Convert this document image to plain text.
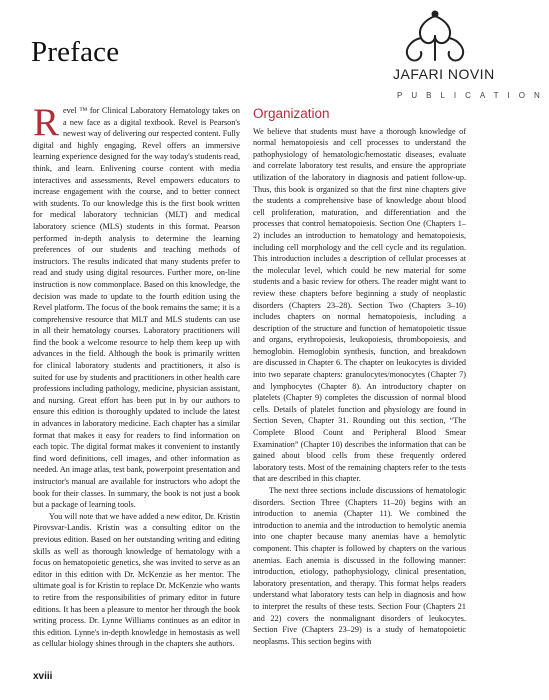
Preface
JAFARI NOVIN
PUBLICATION

Revel ™ for Clinical Laboratory Hematology takes on a new face as a digital textbook. Revel is Pearson's newest way of delivering our respected content. Fully digital and highly engaging, Revel offers an immersive learning experience designed for the way today's students read, think, and learn. Enlivening course content with media interactives and assessments, Revel empowers educators to increase engagement with the course, and to better connect with students. To our knowledge this is the first book written for medical laboratory technician (MLT) and medical laboratory science (MLS) students in this format. Pearson performed in-depth analysis to determine the learning preferences of our students and teaching methods of instructors. The results indicated that many students prefer to read and study using digital resources. Further more, on-line instruction is now commonplace. Based on this knowledge, the decision was made to update to the fourth edition using the Revel platform. The focus of the book remains the same; it is a comprehensive resource that MLT and MLS students can use in all their hematology courses. Laboratory practitioners will find the book a welcome resource to help them keep up with advances in the field. Although the book is primarily written for clinical laboratory students and practitioners, it also is suited for use by students and practitioners in other health care professions including pathology, medicine, physician assistant, and nursing. Great effort has been put in by our authors to ensure this edition is thoroughly updated to include the latest in advances in laboratory medicine. Each chapter has a similar format that makes it easy for readers to find information on each topic. The digital format makes it convenient to instantly find word definitions, cell images, and other information as needed. An image atlas, test bank, powerpoint presentation and instructor's manual are available for instructors who adopt the book for their classes. In summary, the book is not just a book but a package of learning tools.

You will note that we have added a new editor, Dr. Kristin Pirovsvar-Landis. Kristin was a consulting editor on the previous edition. Based on her outstanding writing and editing skills as well as thorough knowledge of hematology with a focus on hematopoietic genetics, she was invited to serve as an editor in this edition with Dr. McKenzie as her mentor. The ultimate goal is for Kristin to replace Dr. McKenzie who wants to retire from the responsibilities of primary editor in future editions. It has been a pleasure to mentor her through the book writing process. Dr. Lynne Williams continues as an editor in this edition. Lynne's in-depth knowledge in hemostasis as well as cellular biology shines through in the chapters she authors.

Organization

We believe that students must have a thorough knowledge of normal hematopoiesis and cell processes to understand the pathophysiology of hematologic/hemostatic diseases, evaluate and correlate laboratory test results, and ensure the appropriate utilization of the laboratory in diagnosis and patient follow-up. Thus, this book is organized so that the first nine chapters give the students a comprehensive base of knowledge about blood cell proliferation, maturation, and differentiation and the processes that control hematopoiesis. Section One (Chapters 1–2) includes an introduction to hematology and hematopoiesis, including cell morphology and the cell cycle and its regulation. This introduction includes a description of cellular processes at the molecular level, which could be new material for some students and a basic review for others. The reader might want to review these chapters before beginning a study of neoplastic disorders (Chapters 23–28). Section Two (Chapters 3–10) includes chapters on normal hematopoiesis, including a description of the structure and function of hematopoietic tissue and organs, erythropoiesis, leukopoiesis, thrombopoiesis, and hemoglobin. Hemoglobin synthesis, function, and breakdown are discussed in Chapter 6. The chapter on leukocytes is divided into two separate chapters: granulocytes/monocytes (Chapter 7) and lymphocytes (Chapter 8). An introductory chapter on platelets (Chapter 9) completes the discussion of normal blood cells. Details of platelet function and physiology are found in Section Seven, Chapter 31. Rounding out this section, “The Complete Blood Count and Peripheral Blood Smear Examination” (Chapter 10) describes the information that can be gained about blood cells from these frequently ordered laboratory tests. Most of the remaining chapters refer to the tests that are described in this chapter.

The next three sections include discussions of hematologic disorders. Section Three (Chapters 11–20) begins with an introduction to anemia (Chapter 11). We combined the introduction to anemia and the introduction to hemolytic anemia into one chapter because many anemias have a hemolytic component. This chapter is followed by chapters on the various anemias. Each anemia is discussed in the following manner: introduction, etiology, pathophysiology, clinical presentation, laboratory presentation, and therapy. This format helps readers understand what laboratory tests can help in diagnosis and how to interpret the results of these tests. Section Four (Chapters 21 and 22) covers the nonmalignant disorders of leukocytes. Section Five (Chapters 23–29) is a study of hematopoietic neoplasms. This section begins with

xviii
